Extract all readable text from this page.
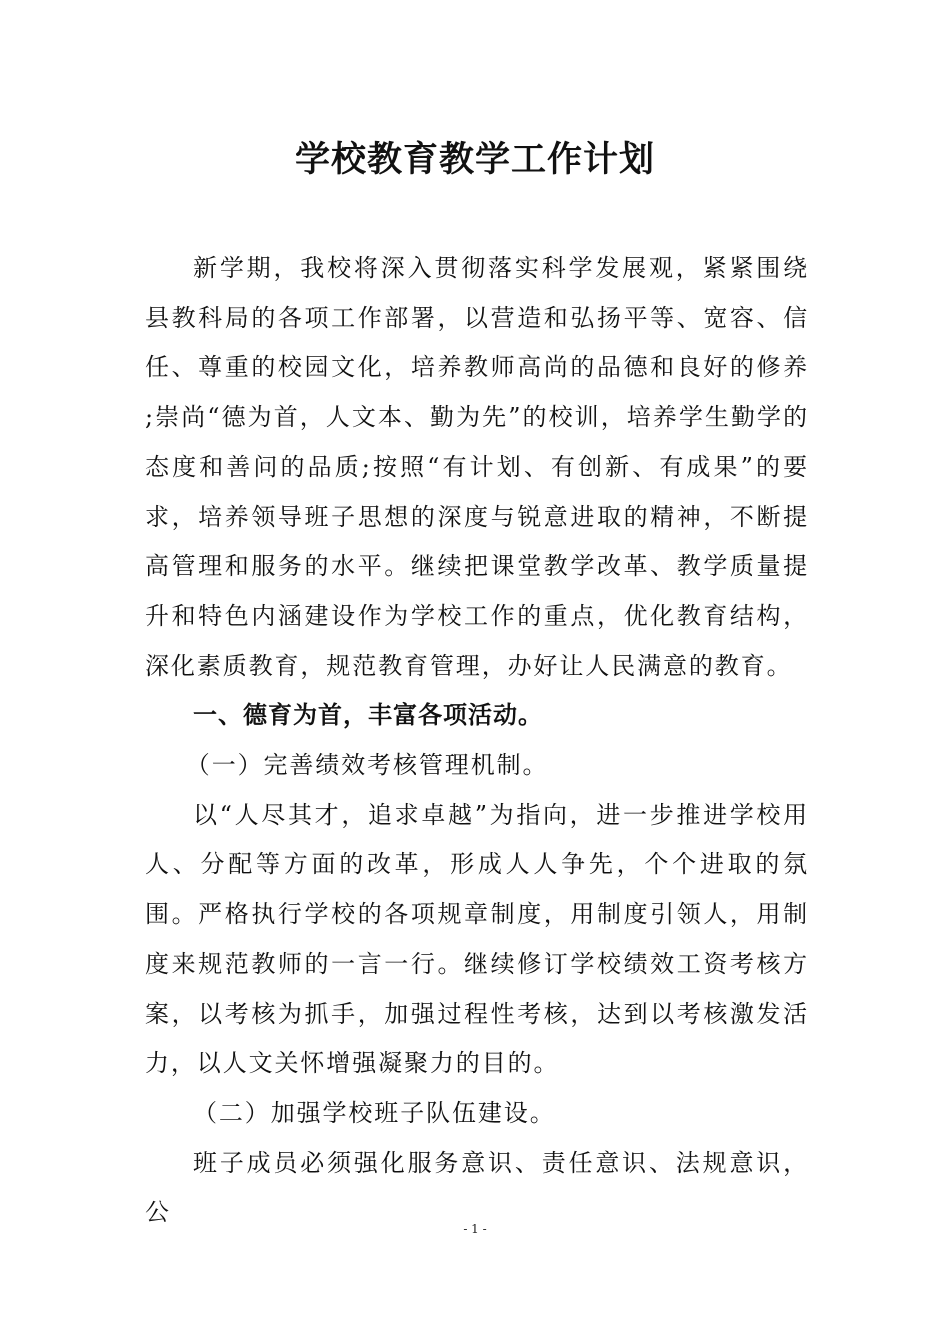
学校教育教学工作计划

新学期，我校将深入贯彻落实科学发展观，紧紧围绕县教科局的各项工作部署，以营造和弘扬平等、宽容、信任、尊重的校园文化，培养教师高尚的品德和良好的修养 ;崇尚“德为首，人文本、勤为先”的校训，培养学生勤学的态度和善问的品质;按照“有计划、有创新、有成果”的要求，培养领导班子思想的深度与锐意进取的精神，不断提高管理和服务的水平。继续把课堂教学改革、教学质量提升和特色内涵建设作为学校工作的重点，优化教育结构，深化素质教育，规范教育管理，办好让人民满意的教育。

一、德育为首，丰富各项活动。

（一）完善绩效考核管理机制。

以“人尽其才，追求卓越”为指向，进一步推进学校用人、分配等方面的改革，形成人人争先，个个进取的氛围。严格执行学校的各项规章制度，用制度引领人，用制度来规范教师的一言一行。继续修订学校绩效工资考核方案，以考核为抓手，加强过程性考核，达到以考核激发活力，以人文关怀增强凝聚力的目的。

（二）加强学校班子队伍建设。

班子成员必须强化服务意识、责任意识、法规意识，公

- 1 -
